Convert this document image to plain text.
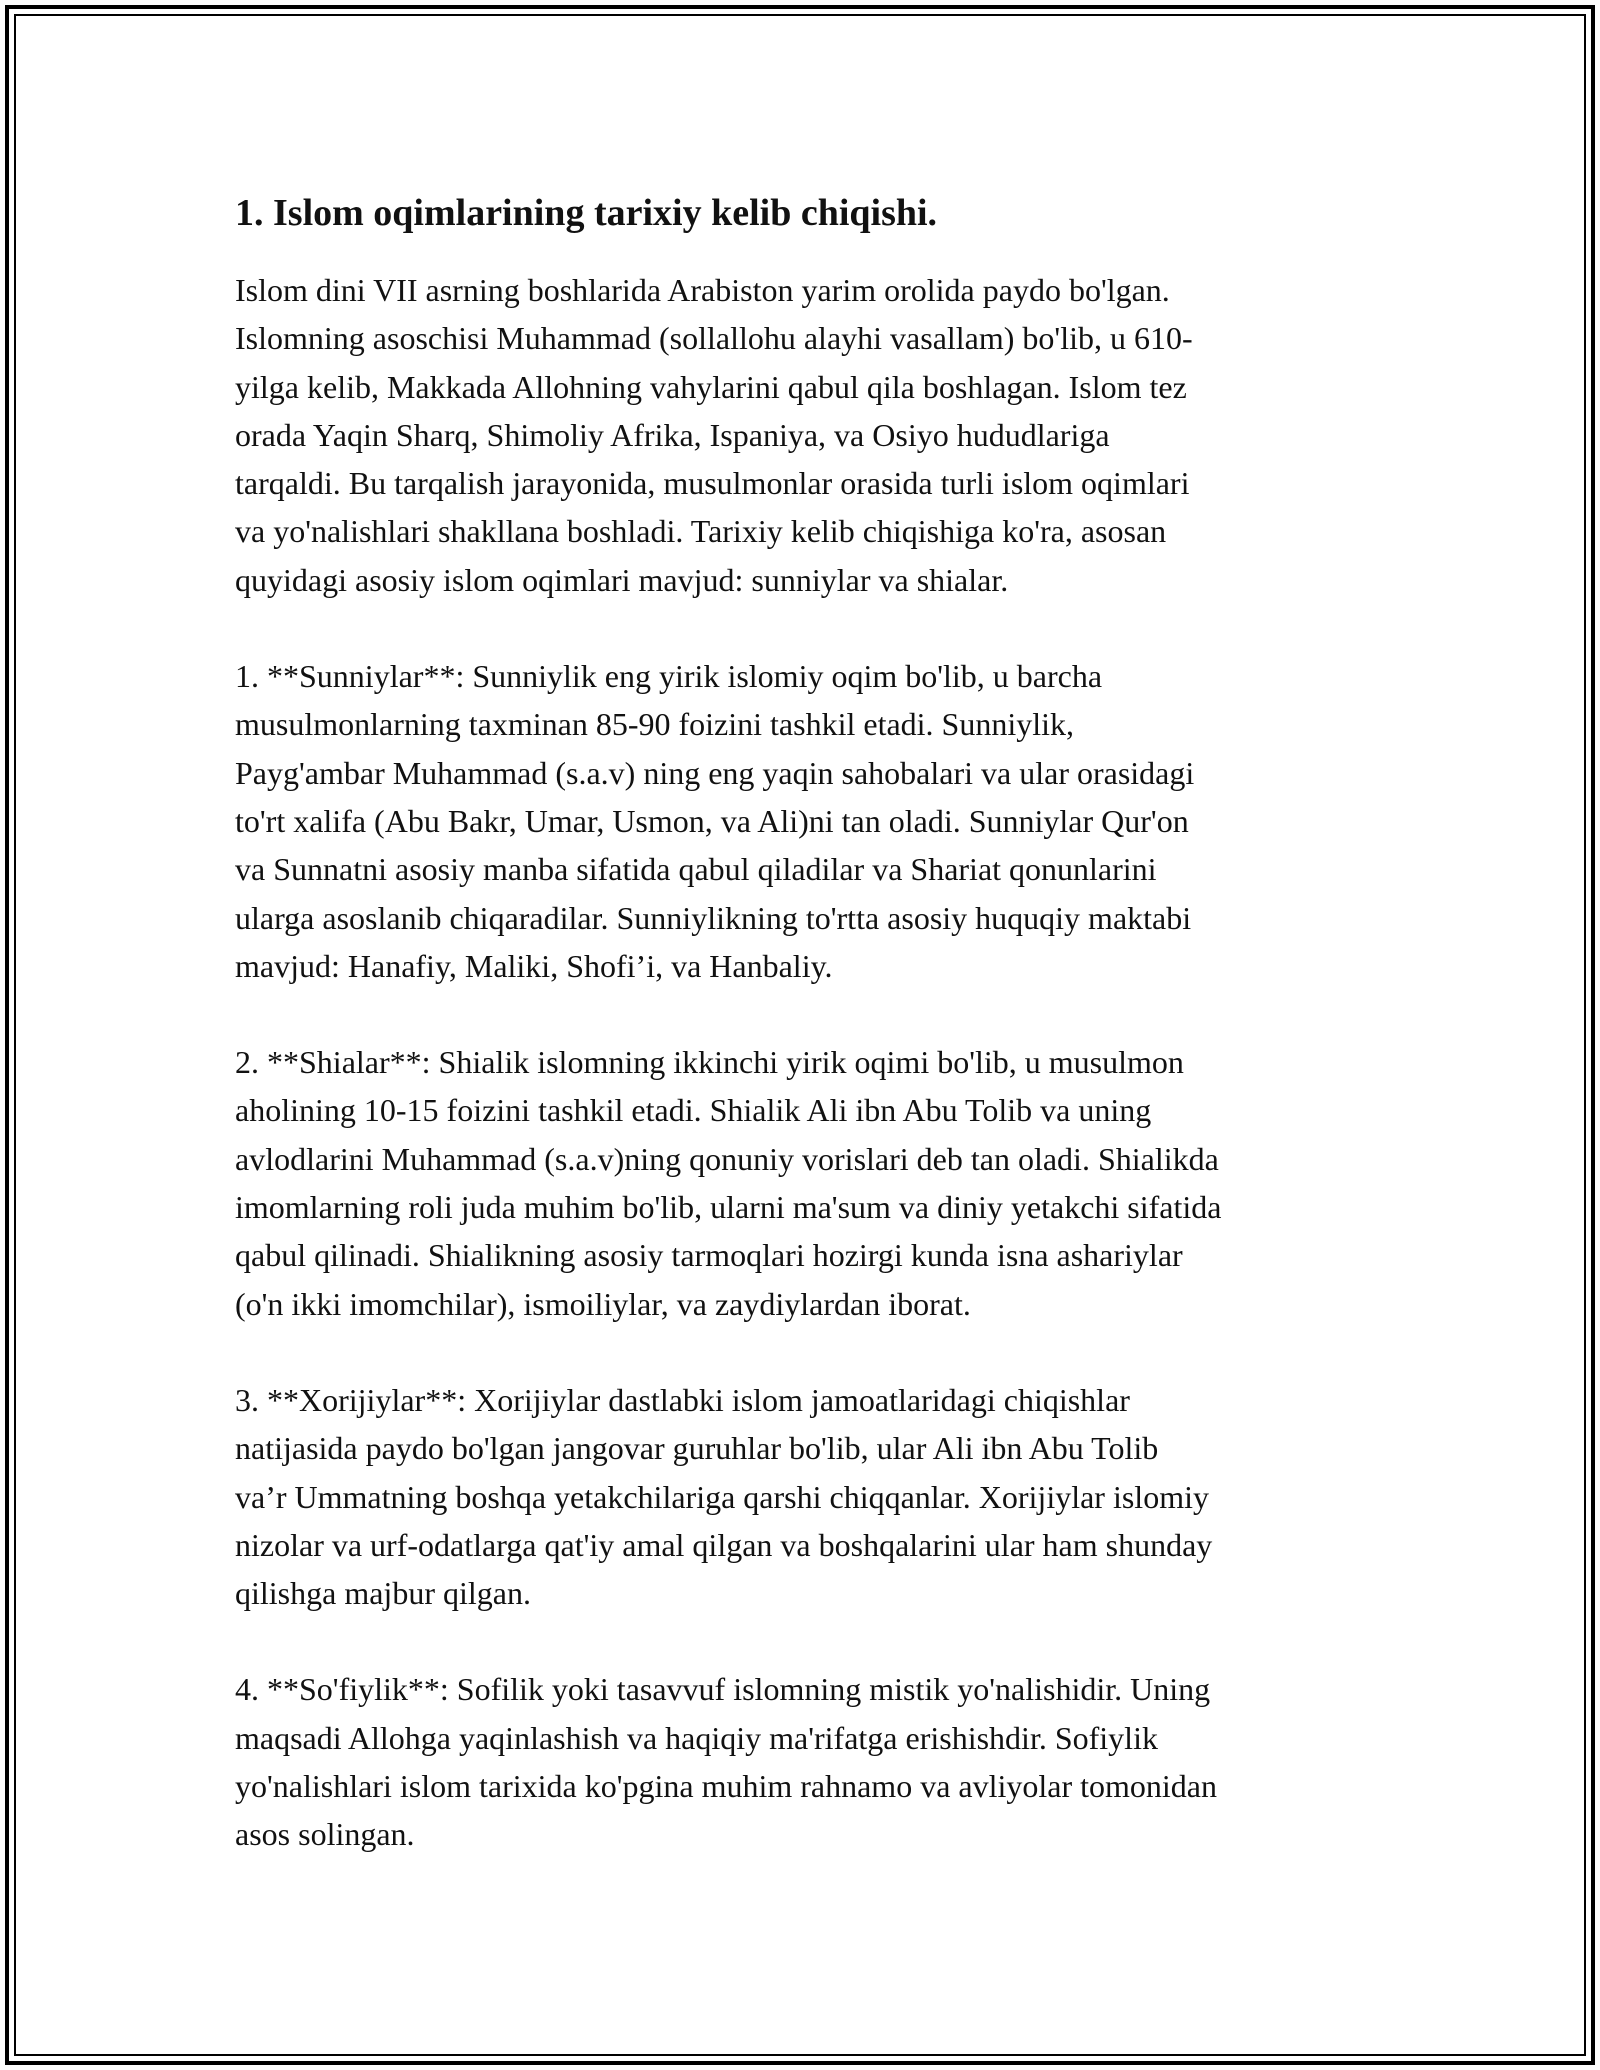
1. Islom oqimlarining tarixiy kelib chiqishi.

Islom dini VII asrning boshlarida Arabiston yarim orolida paydo bo'lgan.
Islomning asoschisi Muhammad (sollallohu alayhi vasallam) bo'lib, u 610-
yilga kelib, Makkada Allohning vahylarini qabul qila boshlagan. Islom tez
orada Yaqin Sharq, Shimoliy Afrika, Ispaniya, va Osiyo hududlariga
tarqaldi. Bu tarqalish jarayonida, musulmonlar orasida turli islom oqimlari
va yo'nalishlari shakllana boshladi. Tarixiy kelib chiqishiga ko'ra, asosan
quyidagi asosiy islom oqimlari mavjud: sunniylar va shialar.

1. **Sunniylar**: Sunniylik eng yirik islomiy oqim bo'lib, u barcha
musulmonlarning taxminan 85-90 foizini tashkil etadi. Sunniylik,
Payg'ambar Muhammad (s.a.v) ning eng yaqin sahobalari va ular orasidagi
to'rt xalifa (Abu Bakr, Umar, Usmon, va Ali)ni tan oladi. Sunniylar Qur'on
va Sunnatni asosiy manba sifatida qabul qiladilar va Shariat qonunlarini
ularga asoslanib chiqaradilar. Sunniylikning to'rtta asosiy huquqiy maktabi
mavjud: Hanafiy, Maliki, Shofi’i, va Hanbaliy.

2. **Shialar**: Shialik islomning ikkinchi yirik oqimi bo'lib, u musulmon
aholining 10-15 foizini tashkil etadi. Shialik Ali ibn Abu Tolib va uning
avlodlarini Muhammad (s.a.v)ning qonuniy vorislari deb tan oladi. Shialikda
imomlarning roli juda muhim bo'lib, ularni ma'sum va diniy yetakchi sifatida
qabul qilinadi. Shialikning asosiy tarmoqlari hozirgi kunda isna ashariylar
(o'n ikki imomchilar), ismoiliylar, va zaydiylardan iborat.

3. **Xorijiylar**: Xorijiylar dastlabki islom jamoatlaridagi chiqishlar
natijasida paydo bo'lgan jangovar guruhlar bo'lib, ular Ali ibn Abu Tolib
va’r Ummatning boshqa yetakchilariga qarshi chiqqanlar. Xorijiylar islomiy
nizolar va urf-odatlarga qat'iy amal qilgan va boshqalarini ular ham shunday
qilishga majbur qilgan.

4. **So'fiylik**: Sofilik yoki tasavvuf islomning mistik yo'nalishidir. Uning
maqsadi Allohga yaqinlashish va haqiqiy ma'rifatga erishishdir. Sofiylik
yo'nalishlari islom tarixida ko'pgina muhim rahnamo va avliyolar tomonidan
asos solingan.
